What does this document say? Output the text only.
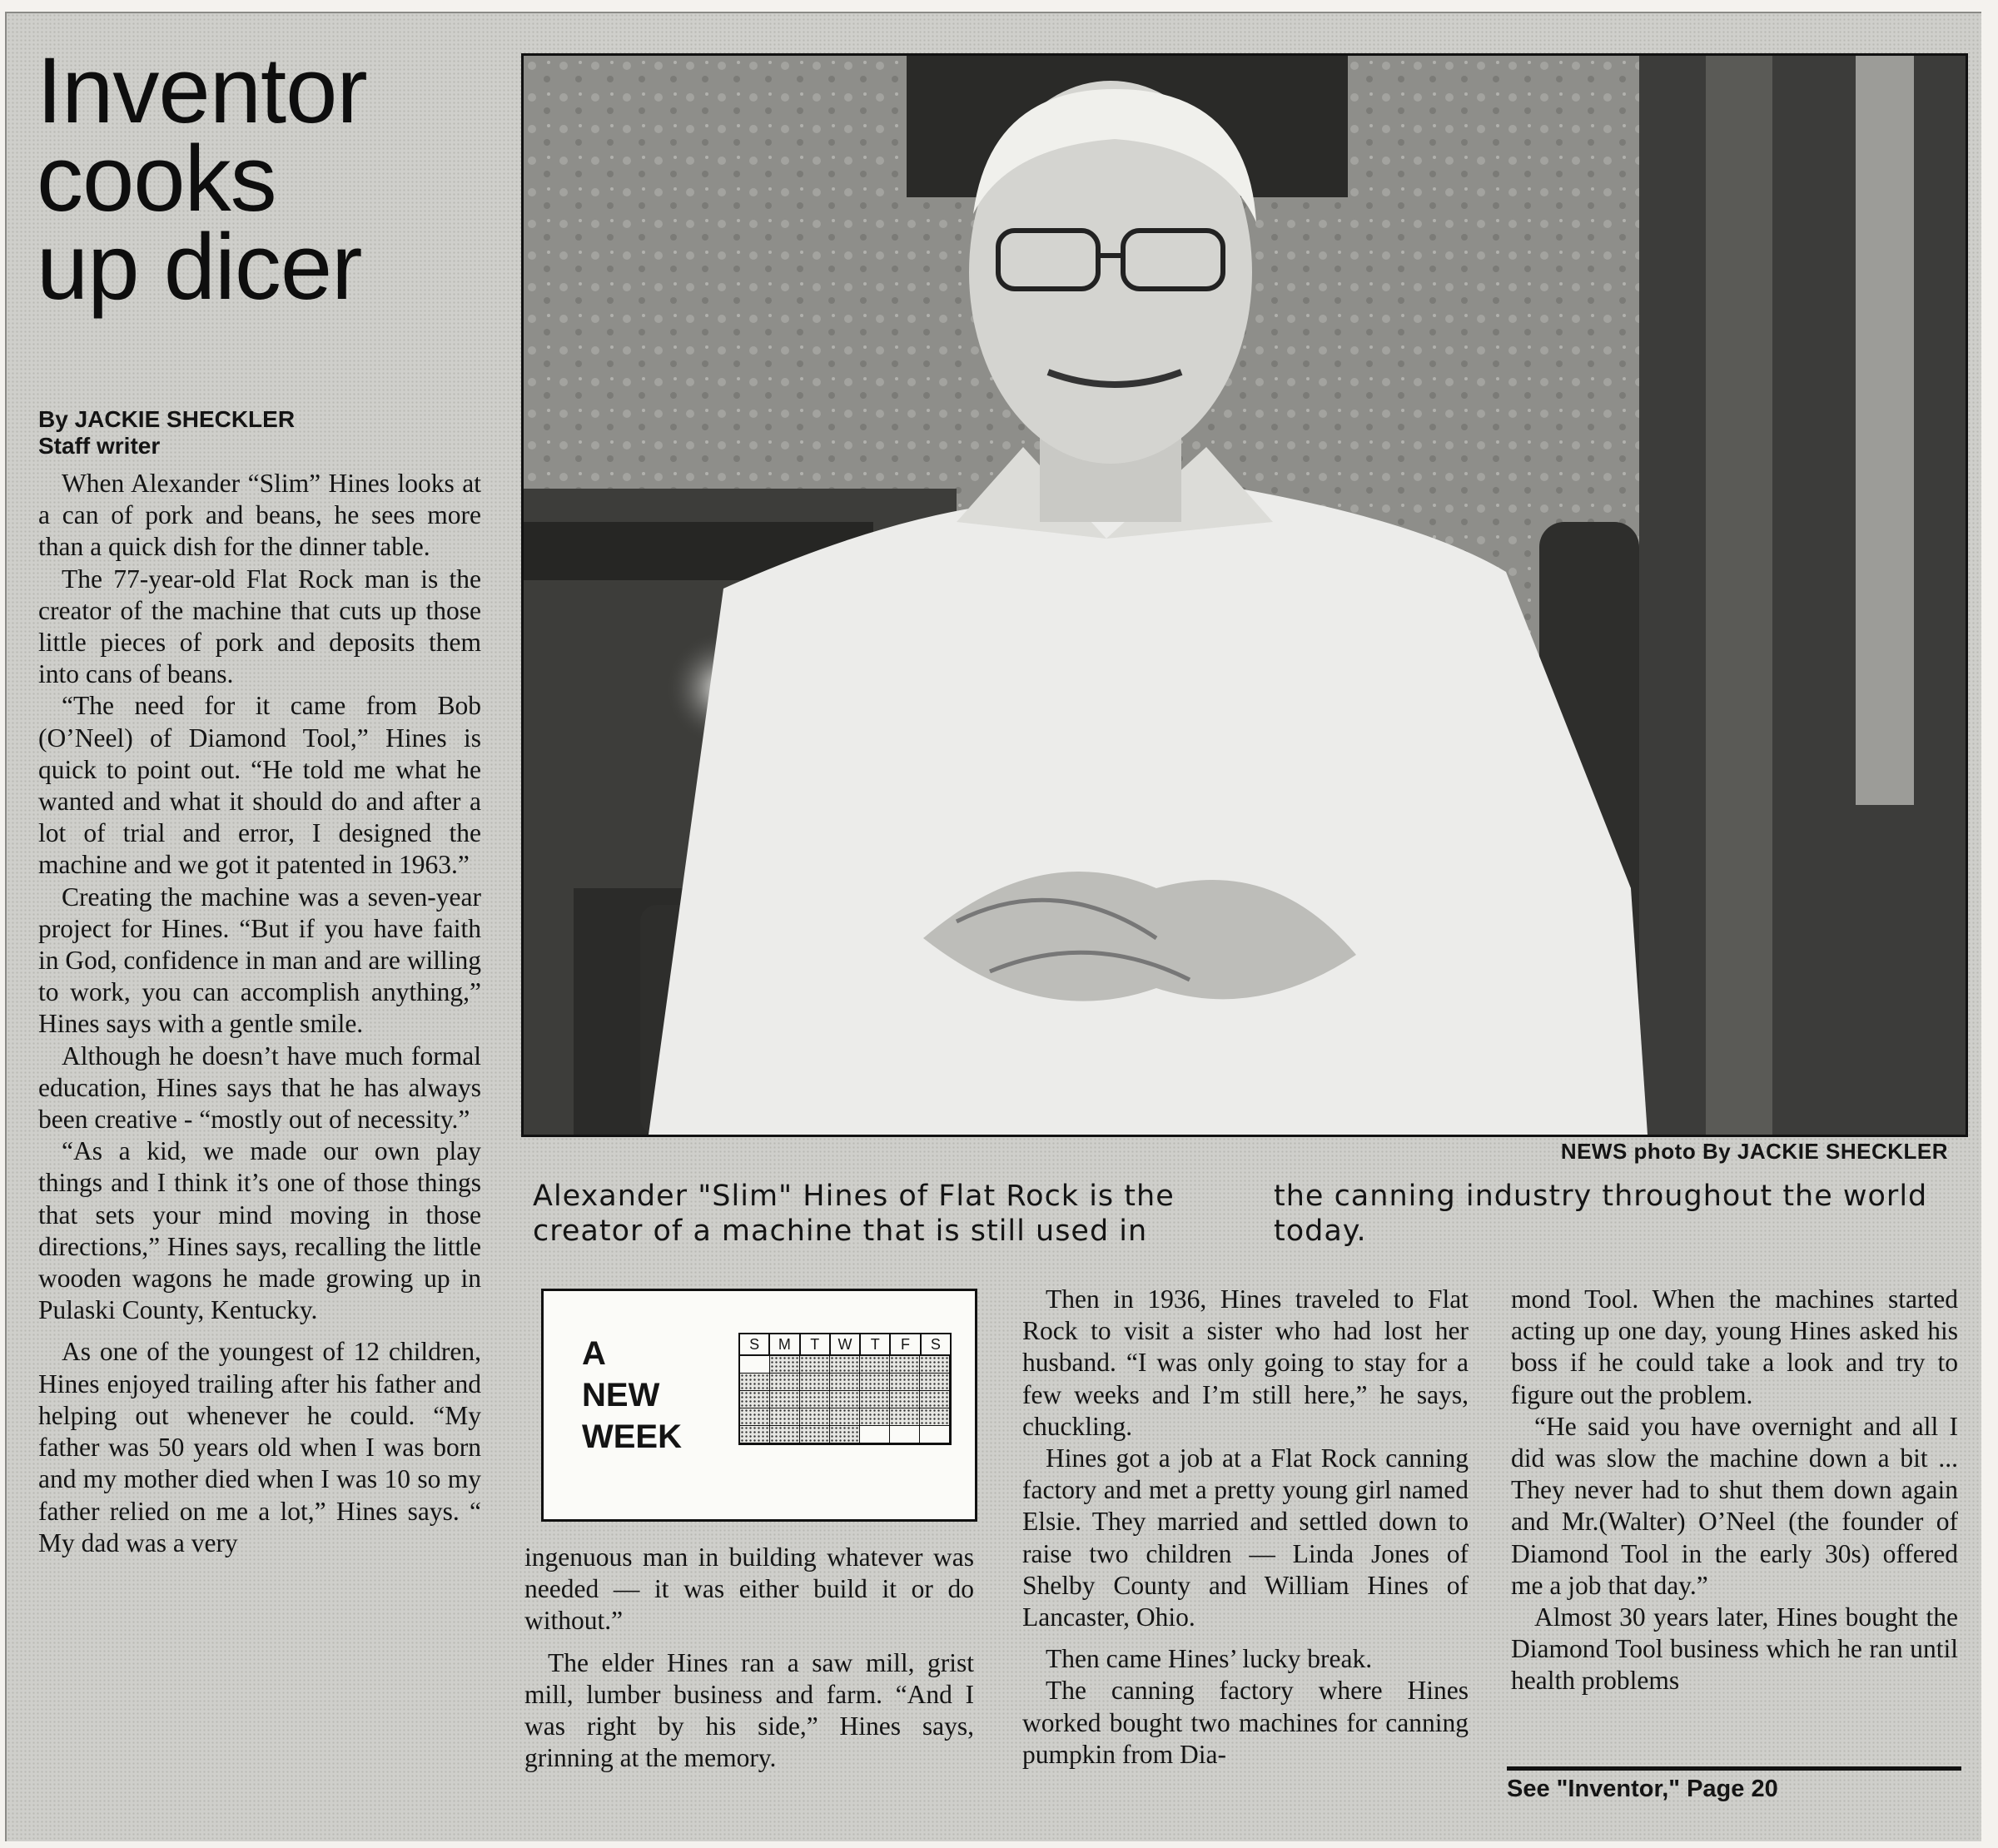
Inventor
cooks
up dicer
By JACKIE SHECKLER
Staff writer

When Alexander “Slim” Hines looks at a can of pork and beans, he sees more than a quick dish for the dinner table.

The 77-year-old Flat Rock man is the creator of the machine that cuts up those little pieces of pork and deposits them into cans of beans.

“The need for it came from Bob (O’Neel) of Diamond Tool,” Hines is quick to point out. “He told me what he wanted and what it should do and after a lot of trial and error, I designed the machine and we got it patented in 1963.”

Creating the machine was a seven-year project for Hines. “But if you have faith in God, confidence in man and are willing to work, you can accomplish anything,” Hines says with a gentle smile.

Although he doesn’t have much formal education, Hines says that he has always been creative - “mostly out of necessity.”

“As a kid, we made our own play things and I think it’s one of those things that sets your mind moving in those directions,” Hines says, recalling the little wooden wagons he made growing up in Pulaski County, Kentucky.

As one of the youngest of 12 children, Hines enjoyed trailing after his father and helping out whenever he could. “My father was 50 years old when I was born and my mother died when I was 10 so my father relied on me a lot,” Hines says. “ My dad was a very

NEWS photo By JACKIE SHECKLER
Alexander "Slim" Hines of Flat Rock is the creator of a machine that is still used in
the canning industry throughout the world today.
A
NEW
WEEK
S	M	T	W	T	F	S

ingenuous man in building whatever was needed — it was either build it or do without.”

The elder Hines ran a saw mill, grist mill, lumber business and farm. “And I was right by his side,” Hines says, grinning at the memory.

Then in 1936, Hines traveled to Flat Rock to visit a sister who had lost her husband. “I was only going to stay for a few weeks and I’m still here,” he says, chuckling.

Hines got a job at a Flat Rock canning factory and met a pretty young girl named Elsie. They married and settled down to raise two children — Linda Jones of Shelby County and William Hines of Lancaster, Ohio.

Then came Hines’ lucky break.

The canning factory where Hines worked bought two machines for canning pumpkin from Dia-

mond Tool. When the machines started acting up one day, young Hines asked his boss if he could take a look and try to figure out the problem.

“He said you have overnight and all I did was slow the machine down a bit ... They never had to shut them down again and Mr.(Walter) O’Neel (the founder of Diamond Tool in the early 30s) offered me a job that day.”

Almost 30 years later, Hines bought the Diamond Tool business which he ran until health problems

See "Inventor," Page 20
